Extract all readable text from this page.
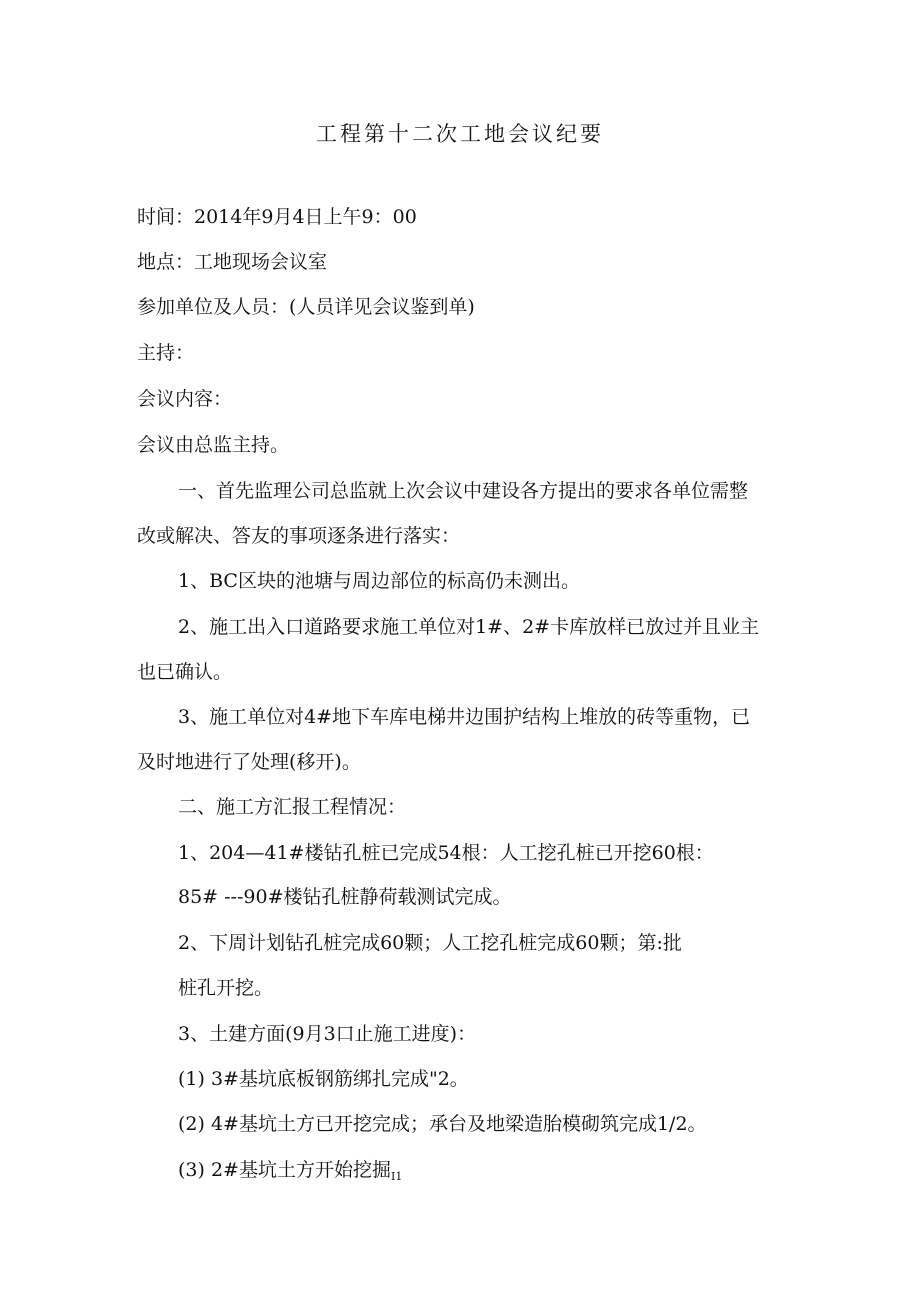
工程第十二次工地会议纪要
时间：2014年9月4日上午9：00
地点：工地现场会议室
参加单位及人员：(人员详见会议鉴到单)
主持：
会议内容：
会议由总监主持。
一、首先监理公司总监就上次会议中建设各方提出的要求各单位需整
改或解决、答友的事项逐条进行落实：
1、BC区块的池塘与周边部位的标高仍未测出。
2、施工出入口道路要求施工单位对1#、2#卡库放样已放过并且业主
也已确认。
3、施工单位对4#地下车库电梯井边围护结构上堆放的砖等重物，已
及时地进行了处理(移开)。
二、施工方汇报工程情况：
1、204—41#楼钻孔桩已完成54根：人工挖孔桩已开挖60根：
85# ---90#楼钻孔桩静荷载测试完成。
2、下周计划钻孔桩完成60颗；人工挖孔桩完成60颗；第:批
桩孔开挖。
3、土建方面(9月3口止施工进度)：
(1) 3#基坑底板钢筋绑扎完成"2。
(2) 4#基坑土方已开挖完成；承台及地梁造胎模砌筑完成1/2。
(3) 2#基坑土方开始挖掘$_{I1}$
